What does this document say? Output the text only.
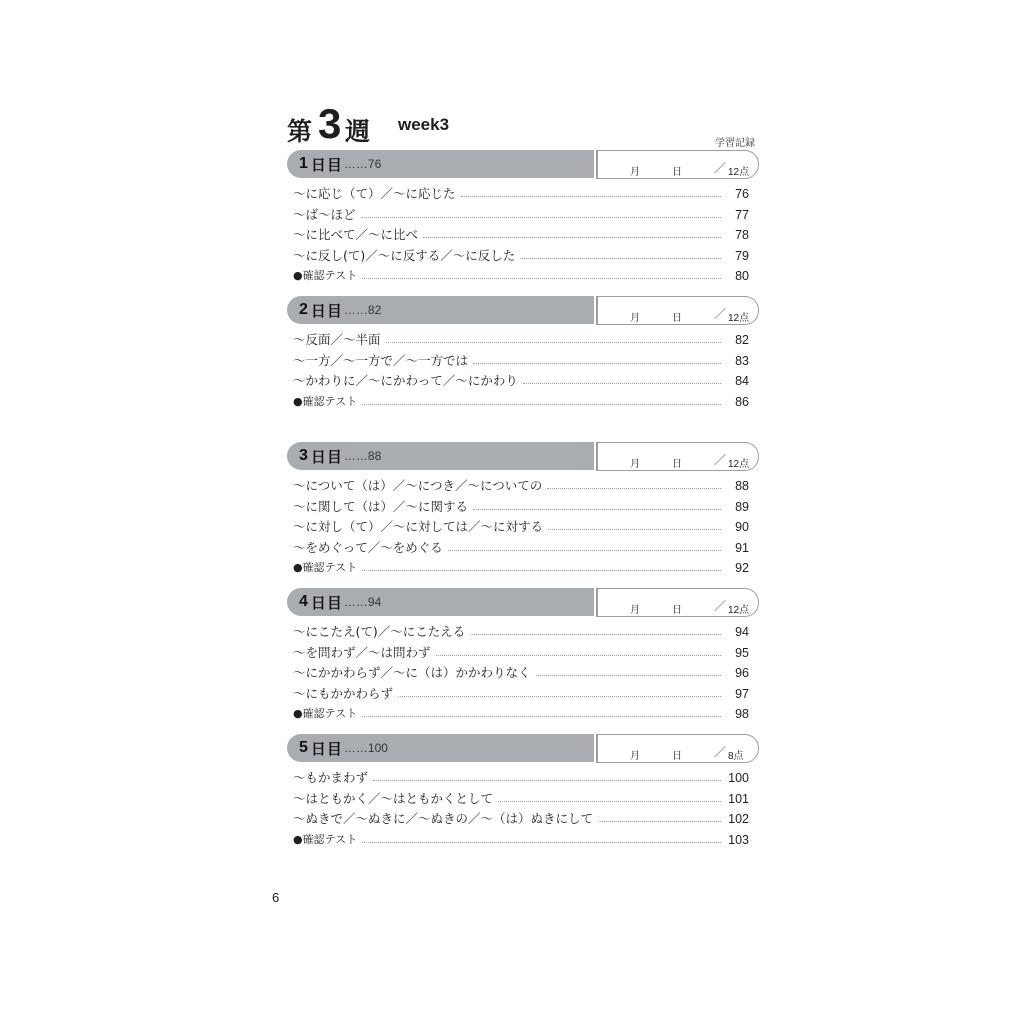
第 3 週 week3
学習記録
1 日目 ……76
月	日	／ 12点
～に応じ（て）／～に応じた	76
～ば～ほど	77
～に比べて／～に比べ	78
～に反し(て)／～に反する／～に反した	79
●確認テスト	80
2 日目 ……82
月	日	／ 12点
～反面／～半面	82
～一方／～一方で／～一方では	83
～かわりに／～にかわって／～にかわり	84
●確認テスト	86
3 日目 ……88
月	日	／ 12点
～について（は）／～につき／～についての	88
～に関して（は）／～に関する	89
～に対し（て）／～に対しては／～に対する	90
～をめぐって／～をめぐる	91
●確認テスト	92
4 日目 ……94
月	日	／ 12点
～にこたえ(て)／～にこたえる	94
～を問わず／～は問わず	95
～にかかわらず／～に（は）かかわりなく	96
～にもかかわらず	97
●確認テスト	98
5 日目 ……100
月	日	／ 8点
～もかまわず	100
～はともかく／～はともかくとして	101
～ぬきで／～ぬきに／～ぬきの／～（は）ぬきにして	102
●確認テスト	103
6
